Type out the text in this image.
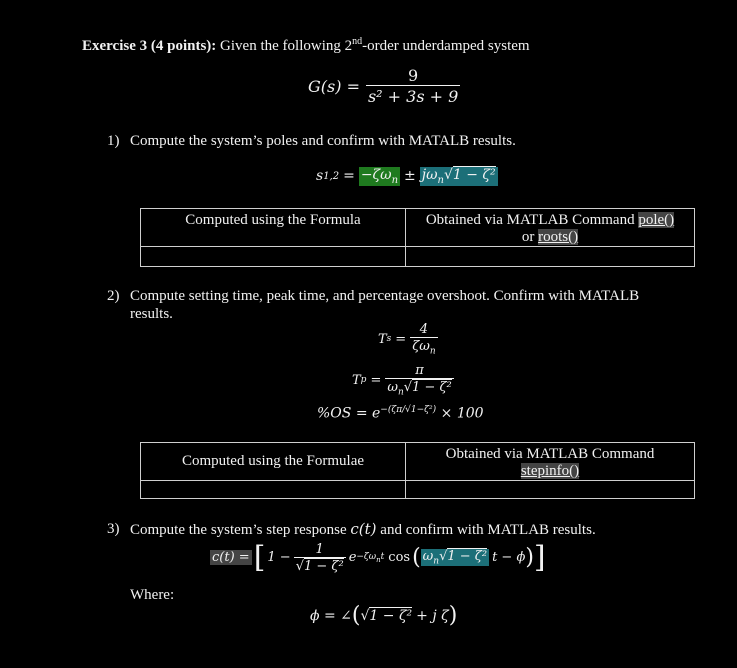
Exercise 3 (4 points): Given the following 2nd-order underdamped system
$G(s) = \frac{9}{\text{s² + 3s + 9}}$
1) Compute the system’s poles and confirm with MATALB results.
s $1,2 = -\zeta\omega_n \pm j\omega_n√1 - \zeta^2$
Computed using the Formula	Obtained via MATLAB Command pole()
or roots()

2) Compute setting time, peak time, and percentage overshoot. Confirm with MATALB
results.
T $s = \frac{4}{\zeta\omega_n}$
T $p = \frac{\pi}{\omega_n√1 - \zeta^2}$
$\%OS = e^{-(\zeta\pi/√1-\zeta^2)} \times 100$
Computed using the Formulae	Obtained via MATLAB Command
stepinfo()

3) Compute the system’s step response c(t) and confirm with MATLAB results.
c(t) = [ $1 - \frac{1}{\text{√1 − ζ²}}$ $e -\zeta\omega_nt$ cos ( $\omega_n√1 - \zeta^2$ t − ϕ ) ]
Where:
ϕ = ∠ ( √ 1 − ζ² + j ζ )
